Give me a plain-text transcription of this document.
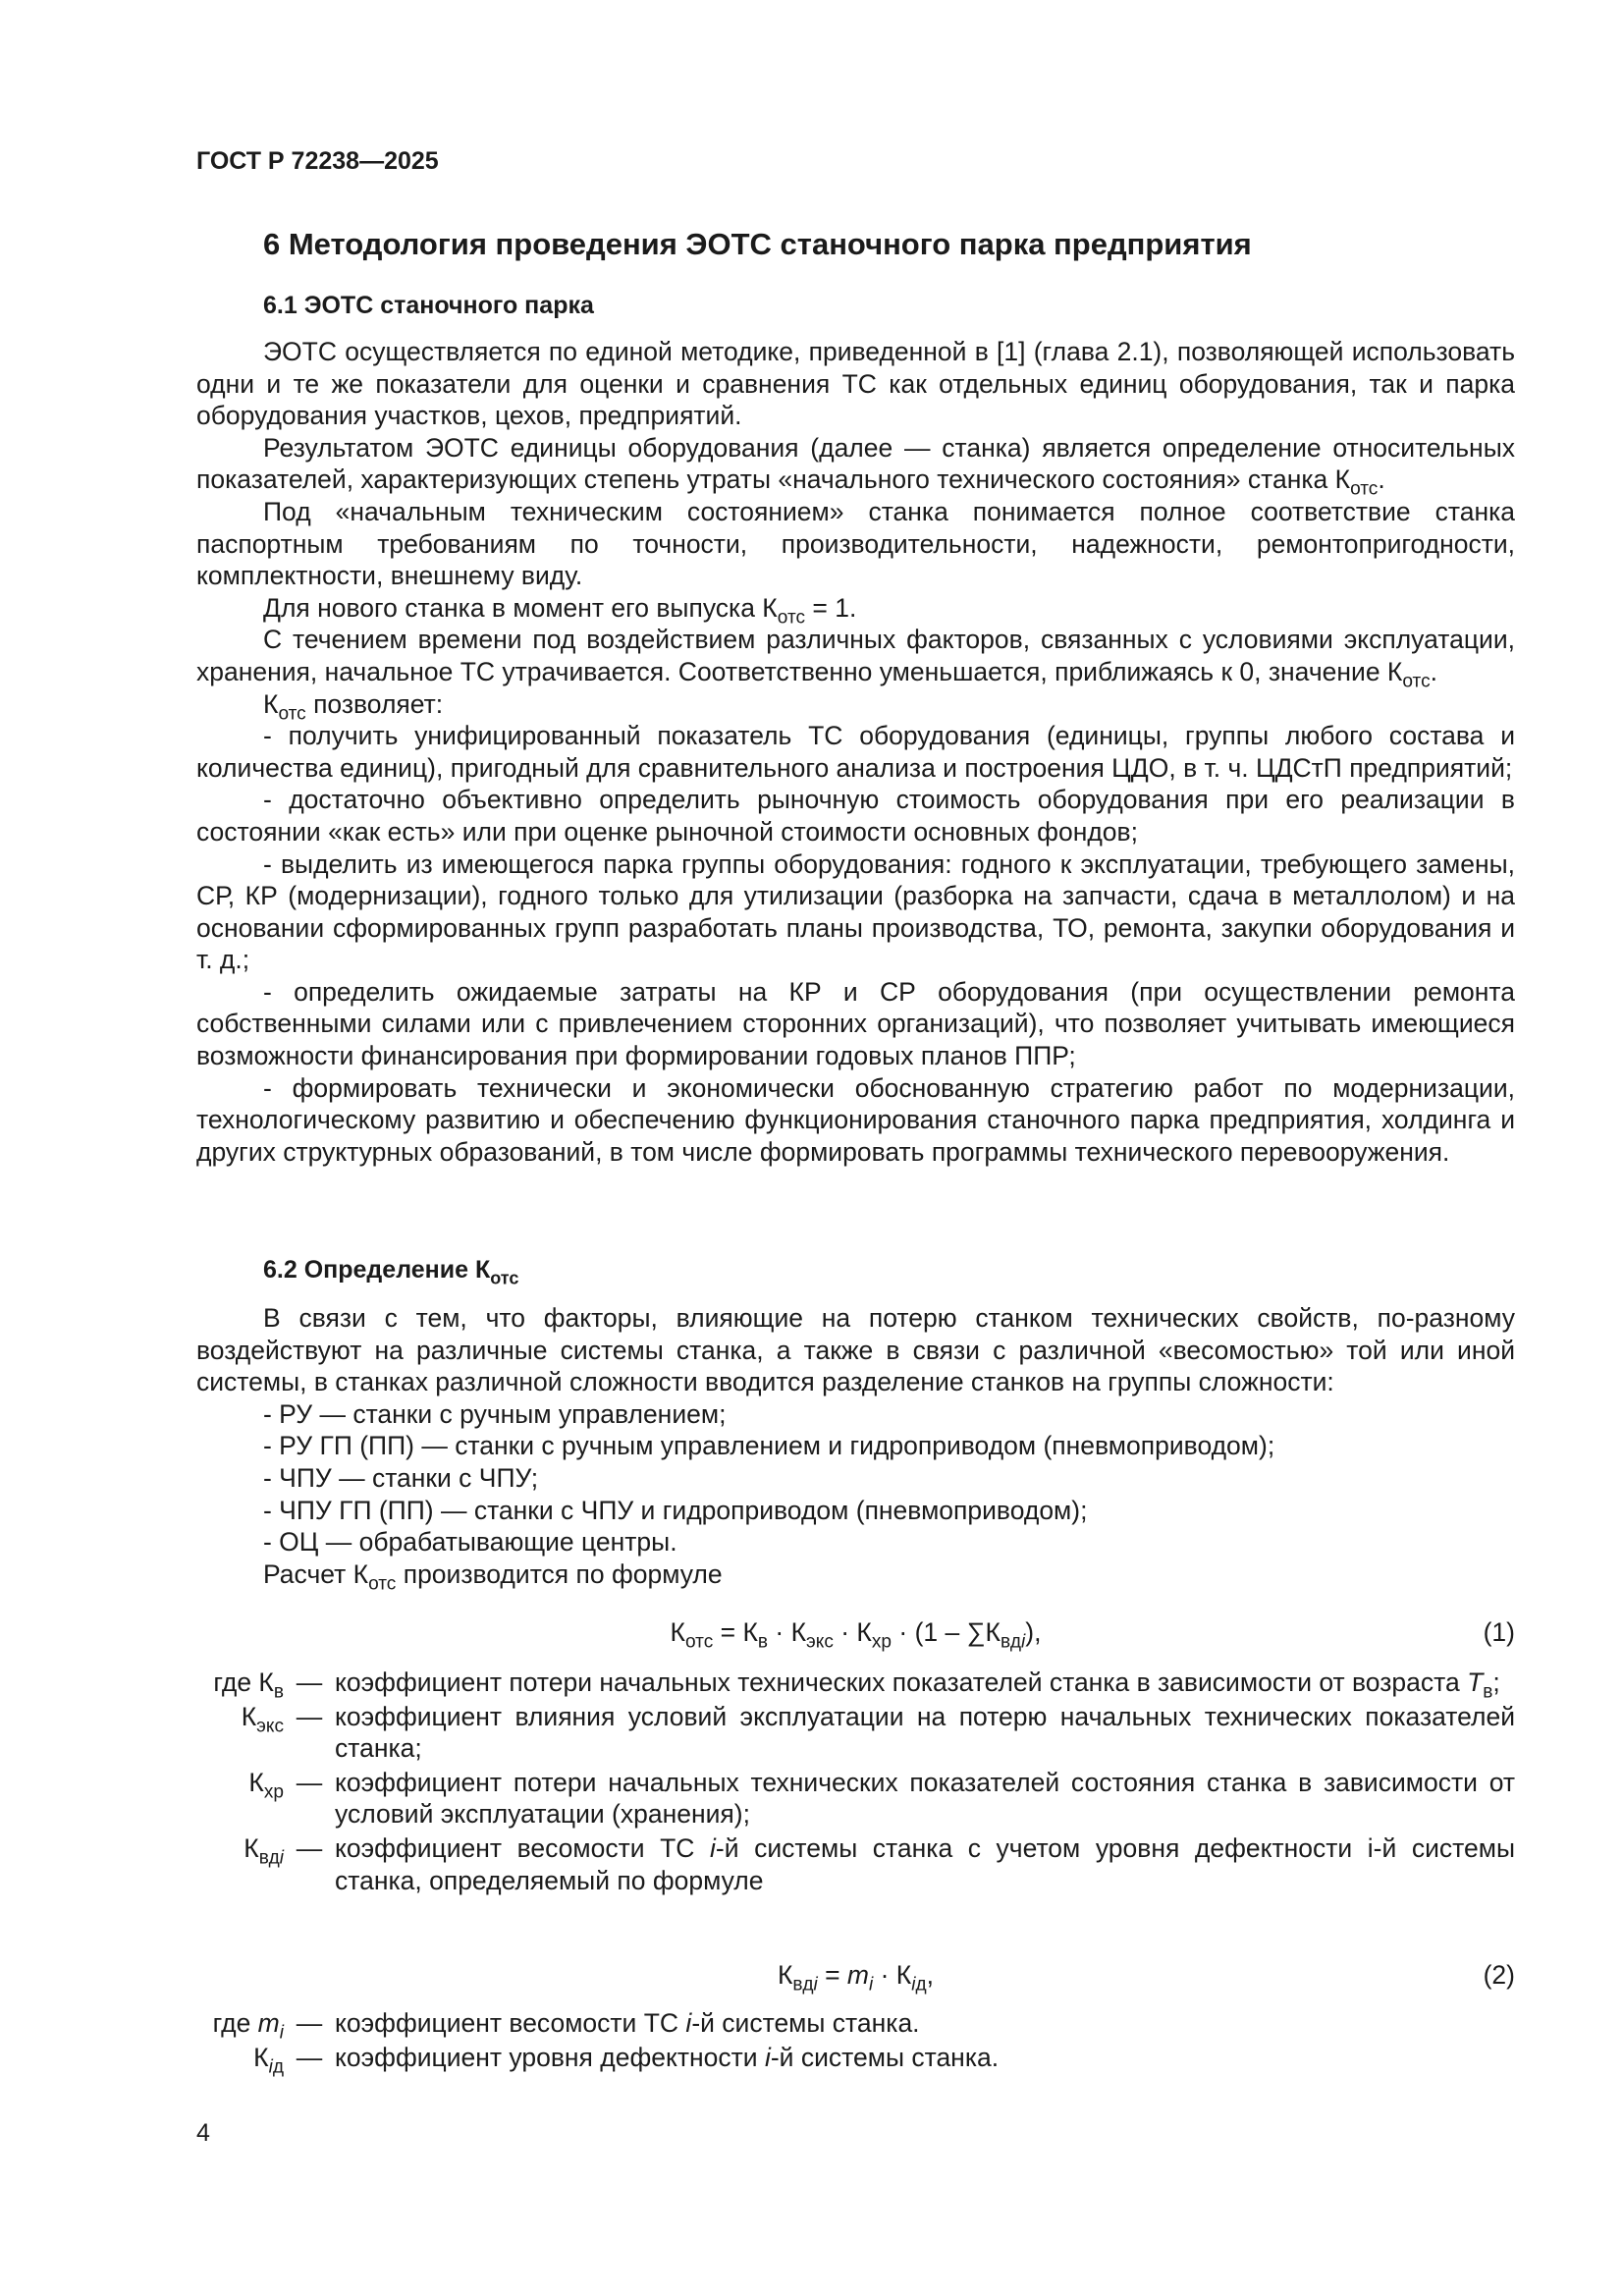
ГОСТ Р 72238—2025
6 Методология проведения ЭОТС станочного парка предприятия
6.1 ЭОТС станочного парка

ЭОТС осуществляется по единой методике, приведенной в [1] (глава 2.1), позволяющей использовать одни и те же показатели для оценки и сравнения ТС как отдельных единиц оборудования, так и парка оборудования участков, цехов, предприятий.

Результатом ЭОТС единицы оборудования (далее — станка) является определение относительных показателей, характеризующих степень утраты «начального технического состояния» станка $К_{отс}$.

Под «начальным техническим состоянием» станка понимается полное соответствие станка паспортным требованиям по точности, производительности, надежности, ремонтопригодности, комплектности, внешнему виду.

Для нового станка в момент его выпуска $К_{отс} = 1$.

С течением времени под воздействием различных факторов, связанных с условиями эксплуатации, хранения, начальное ТС утрачивается. Соответственно уменьшается, приближаясь к 0, значение $К_{отс}$.

$К_{отс}$ позволяет:

- получить унифицированный показатель ТС оборудования (единицы, группы любого состава и количества единиц), пригодный для сравнительного анализа и построения ЦДО, в т. ч. ЦДСтП предприятий;

- достаточно объективно определить рыночную стоимость оборудования при его реализации в состоянии «как есть» или при оценке рыночной стоимости основных фондов;

- выделить из имеющегося парка группы оборудования: годного к эксплуатации, требующего замены, СР, КР (модернизации), годного только для утилизации (разборка на запчасти, сдача в металлолом) и на основании сформированных групп разработать планы производства, ТО, ремонта, закупки оборудования и т. д.;

- определить ожидаемые затраты на КР и СР оборудования (при осуществлении ремонта собственными силами или с привлечением сторонних организаций), что позволяет учитывать имеющиеся возможности финансирования при формировании годовых планов ППР;

- формировать технически и экономически обоснованную стратегию работ по модернизации, технологическому развитию и обеспечению функционирования станочного парка предприятия, холдинга и других структурных образований, в том числе формировать программы технического перевооружения.

6.2 Определение $К_{отс}$

В связи с тем, что факторы, влияющие на потерю станком технических свойств, по-разному воздействуют на различные системы станка, а также в связи с различной «весомостью» той или иной системы, в станках различной сложности вводится разделение станков на группы сложности:

- РУ — станки с ручным управлением;

- РУ ГП (ПП) — станки с ручным управлением и гидроприводом (пневмоприводом);

- ЧПУ — станки с ЧПУ;

- ЧПУ ГП (ПП) — станки с ЧПУ и гидроприводом (пневмоприводом);

- ОЦ — обрабатывающие центры.

Расчет $К_{отс}$ производится по формуле

$К_{отс} = К_в \cdot К_{экс} \cdot К_{хр} \cdot (1 - \sum К_{вдi})$,	(1)
где $К_в$ — коэффициент потери начальных технических показателей станка в зависимости от возраста $Т_в$;
$К_{экс}$ — коэффициент влияния условий эксплуатации на потерю начальных технических показателей станка;
$К_{хр}$ — коэффициент потери начальных технических показателей состояния станка в зависимости от условий эксплуатации (хранения);
$К_{вдi}$ — коэффициент весомости ТС i-й системы станка с учетом уровня дефектности i-й системы станка, определяемый по формуле
$К_{вдi} = m_i \cdot К_{iд}$,	(2)
где $m_i$ — коэффициент весомости ТС i-й системы станка.
$К_{iд}$ — коэффициент уровня дефектности i-й системы станка.
4
